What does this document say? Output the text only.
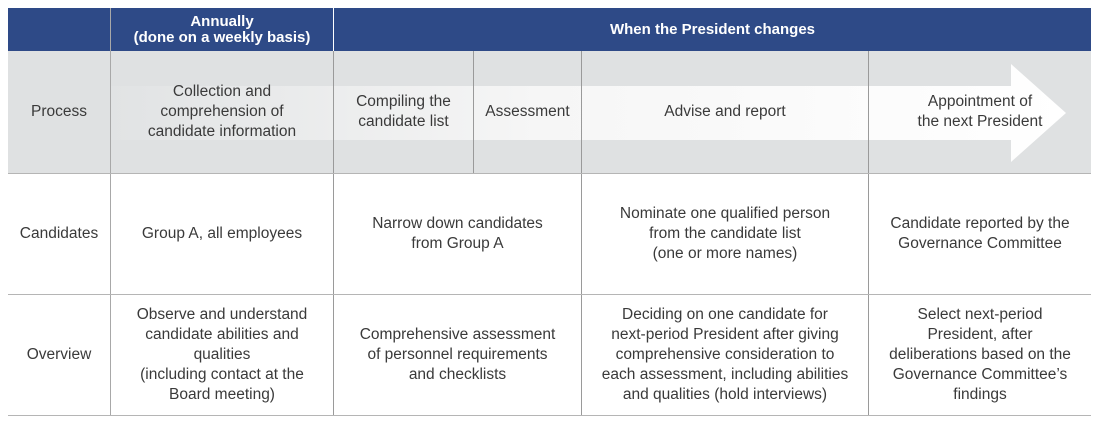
Annually
(done on a weekly basis)	When the President changes
Process
Candidates
Overview
Collection and
comprehension of
candidate information
Compiling the
candidate list
Assessment	Advise and report
Appointment of
the next President
Group A, all employees
Narrow down candidates
from Group A
Nominate one qualified person
from the candidate list
(one or more names)
Candidate reported by the
Governance Committee
Observe and understand
candidate abilities and
qualities
(including contact at the
Board meeting)
Comprehensive assessment
of personnel requirements
and checklists
Deciding on one candidate for
next-period President after giving
comprehensive consideration to
each assessment, including abilities
and qualities (hold interviews)
Select next-period
President, after
deliberations based on the
Governance Committee’s
findings
